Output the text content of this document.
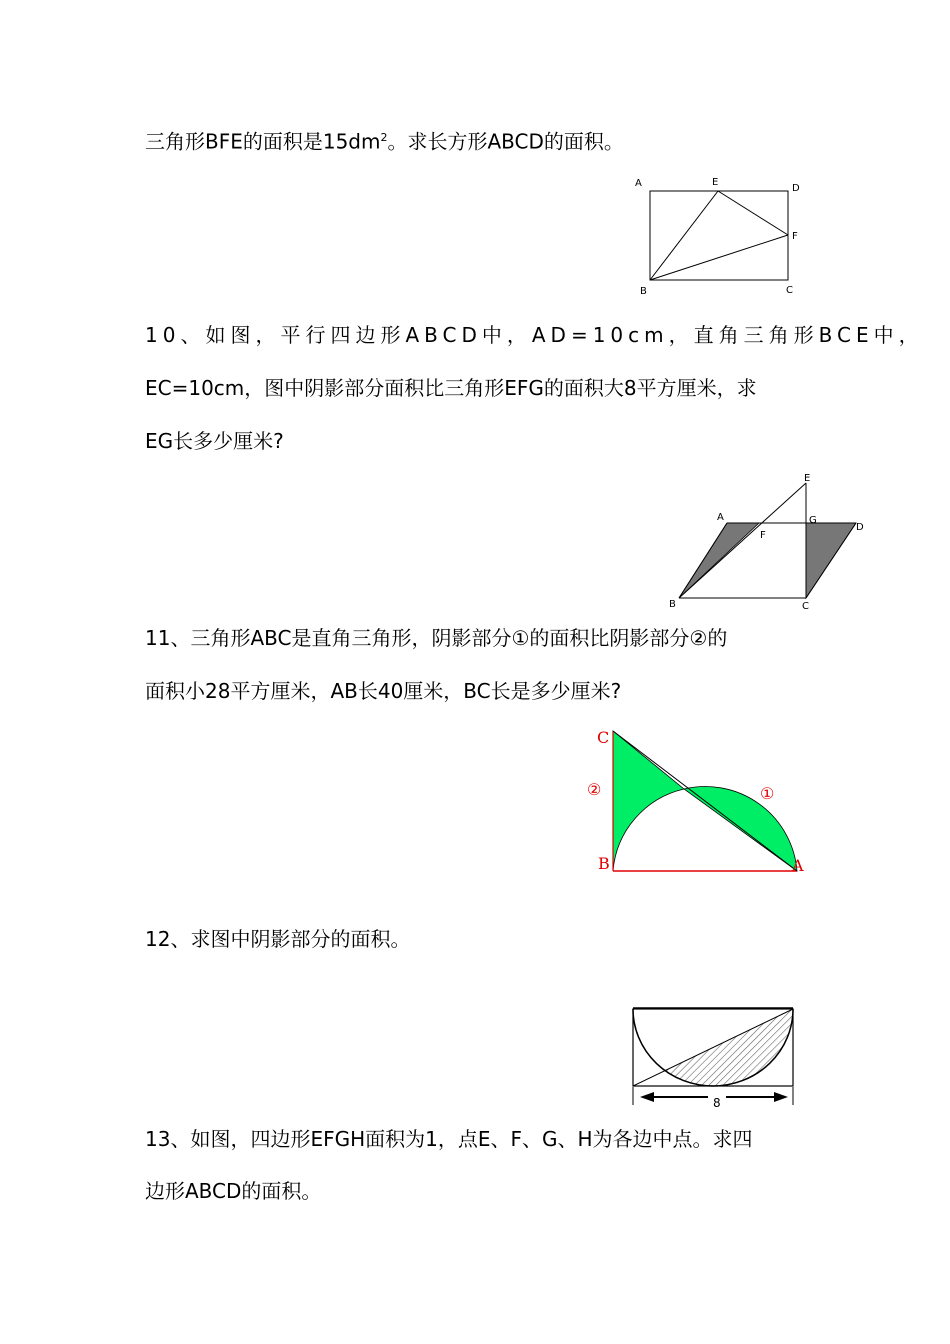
三角形BFE的面积是$15dm^2$。求长方形ABCD的面积。
10、如图，平行四边形ABCD中，AD=10cm，直角三角形BCE中，
EC=10cm，图中阴影部分面积比三角形EFG的面积大8平方厘米，求
EG长多少厘米?
11、三角形ABC是直角三角形，阴影部分①的面积比阴影部分②的
面积小28平方厘米，AB长40厘米，BC长是多少厘米?
12、求图中阴影部分的面积。
13、如图，四边形EFGH面积为1，点E、F、G、H为各边中点。求四
边形ABCD的面积。
A	E
D
F
B	C
E
A	G
D
F
B	C
C
②	①
B	A
8
